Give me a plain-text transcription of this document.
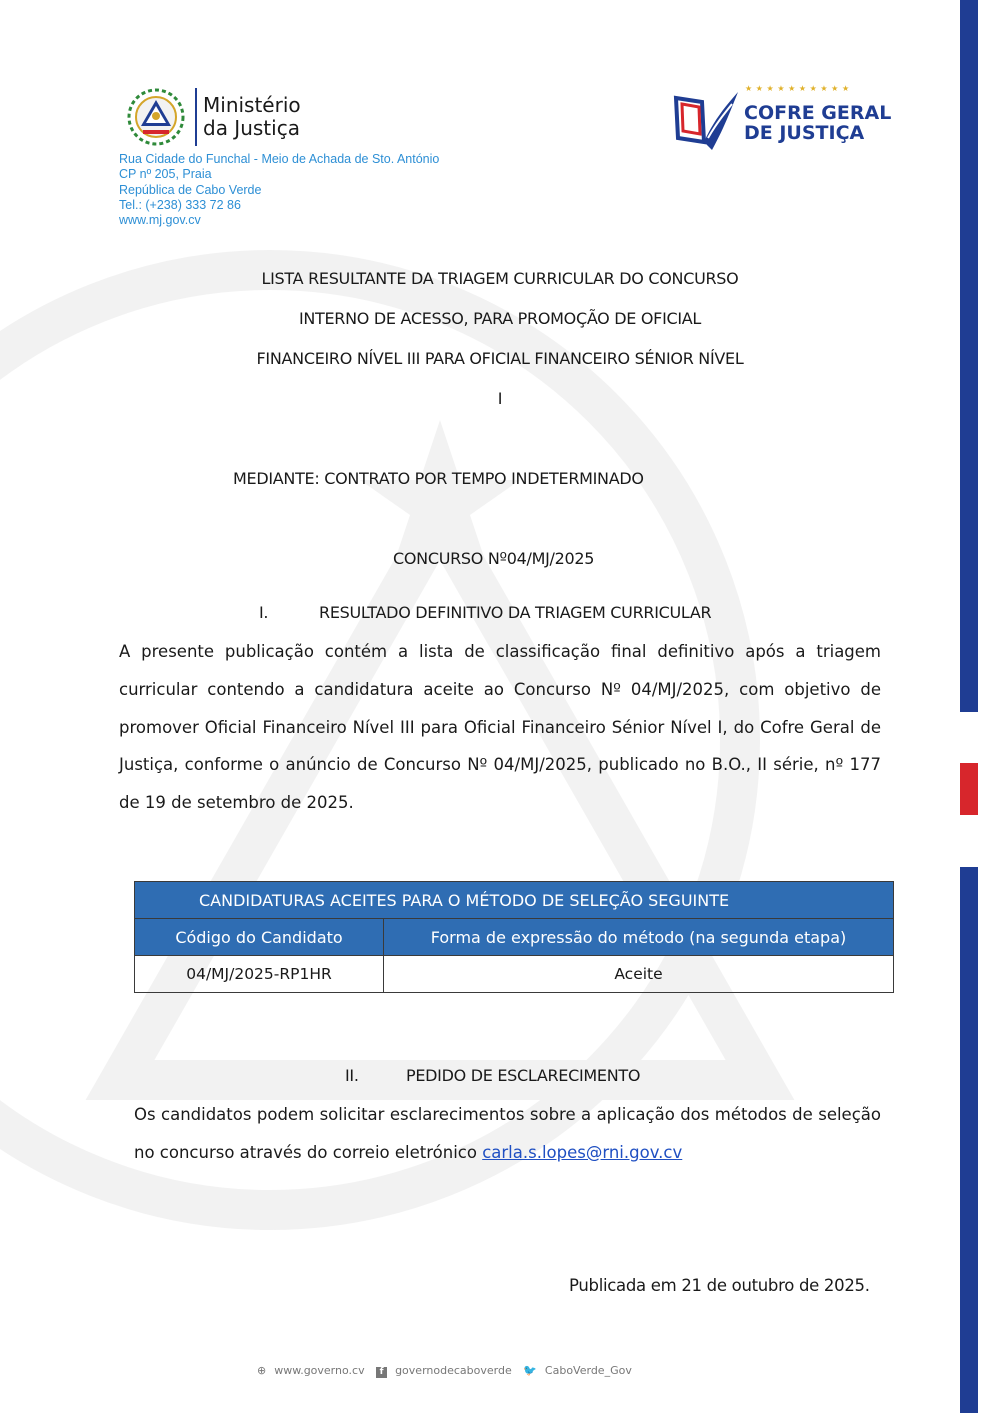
Ministério
da Justiça
Rua Cidade do Funchal - Meio de Achada de Sto. António
CP nº 205, Praia
República de Cabo Verde
Tel.: (+238) 333 72 86
www.mj.gov.cv
★★★★★★★★★★
COFRE GERAL
DE JUSTIÇA
LISTA RESULTANTE DA TRIAGEM CURRICULAR DO CONCURSO
INTERNO DE ACESSO, PARA PROMOÇÃO DE OFICIAL
FINANCEIRO NÍVEL III PARA OFICIAL FINANCEIRO SÉNIOR NÍVEL
I
MEDIANTE: CONTRATO POR TEMPO INDETERMINADO
CONCURSO Nº04/MJ/2025
I.	RESULTADO DEFINITIVO DA TRIAGEM CURRICULAR
A presente publicação contém a lista de classificação final definitivo após a triagem
curricular contendo a candidatura aceite ao Concurso Nº 04/MJ/2025, com objetivo de
promover Oficial Financeiro Nível III para Oficial Financeiro Sénior Nível I, do Cofre Geral de
Justiça, conforme o anúncio de Concurso Nº 04/MJ/2025, publicado no B.O., II série, nº 177
de 19 de setembro de 2025.
CANDIDATURAS ACEITES PARA O MÉTODO DE SELEÇÃO SEGUINTE	
Código do Candidato	Forma de expressão do método (na segunda etapa)
04/MJ/2025-RP1HR	Aceite
II.	PEDIDO DE ESCLARECIMENTO
Os candidatos podem solicitar esclarecimentos sobre a aplicação dos métodos de seleção
no concurso através do correio eletrónico carla.s.lopes@rni.gov.cv
Publicada em 21 de outubro de 2025.
⊕ www.governo.cv f governodecaboverde 🐦 CaboVerde_Gov
